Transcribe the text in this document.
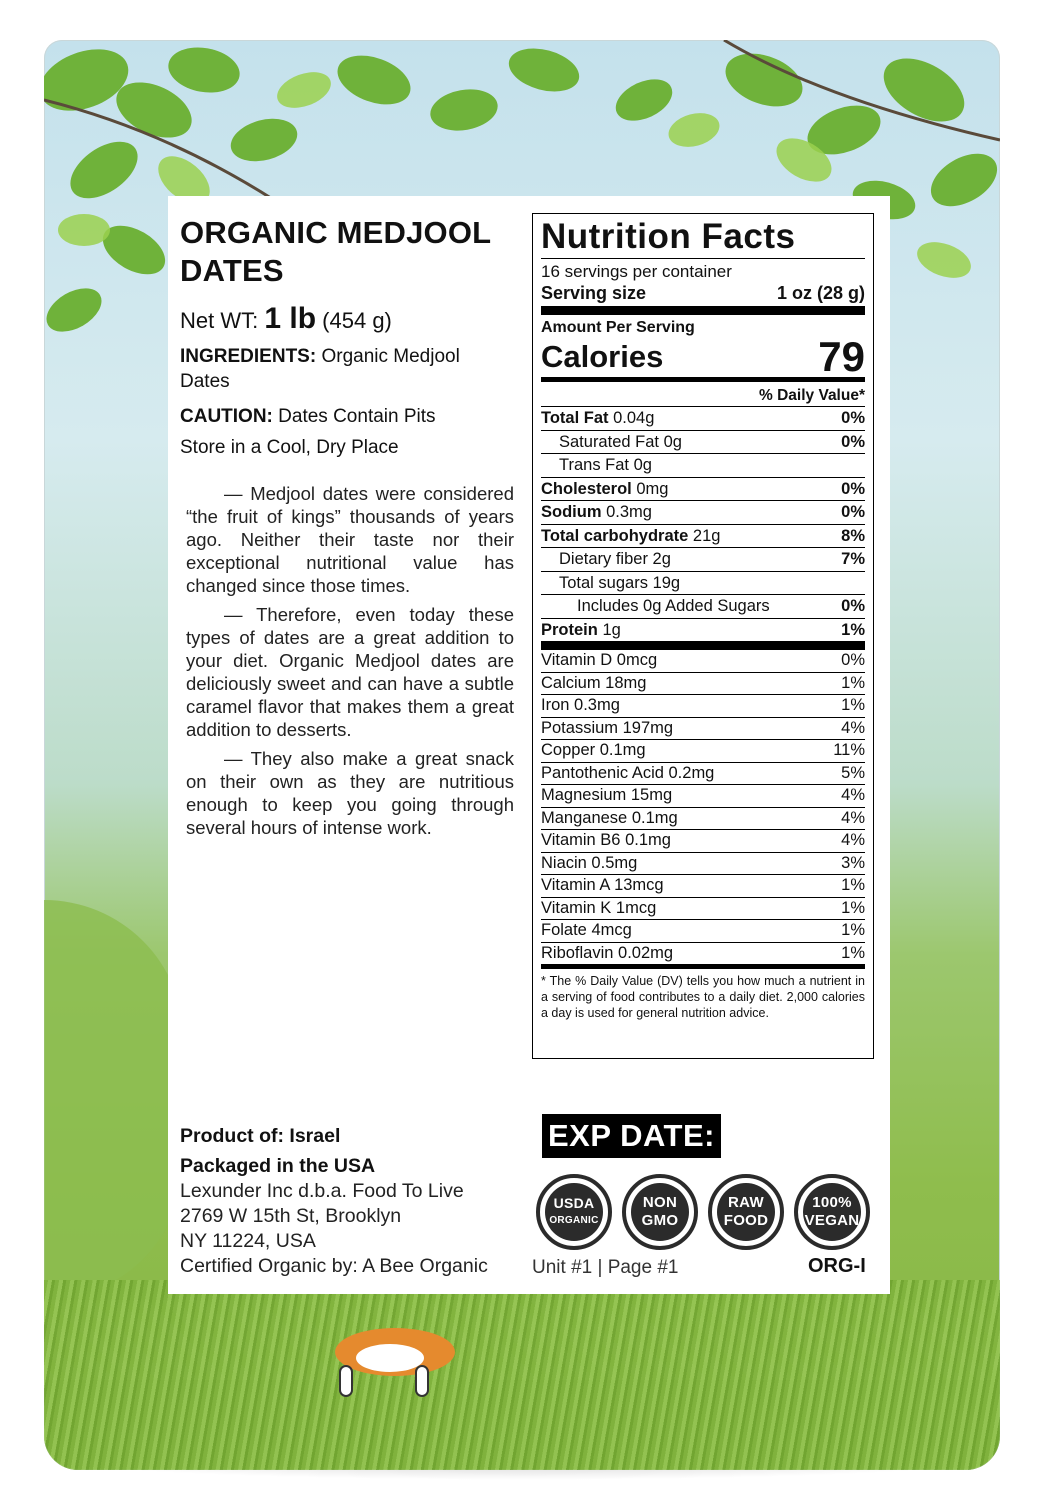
ORGANIC MEDJOOL
DATES
Net WT: 1 lb (454 g)
INGREDIENTS: Organic Medjool Dates
CAUTION: Dates Contain Pits
Store in a Cool, Dry Place

— Medjool dates were considered “the fruit of kings” thousands of years ago. Neither their taste nor their exceptional nutritional value has changed since those times.

— Therefore, even today these types of dates are a great addition to your diet. Organic Medjool dates are deliciously sweet and can have a subtle caramel flavor that makes them a great addition to desserts.

— They also make a great snack on their own as they are nutritious enough to keep you going through several hours of intense work.

Nutrition Facts
16 servings per container
Serving size	1 oz (28 g)
Amount Per Serving
Calories	79
% Daily Value*
Total Fat 0.04g	0%
Saturated Fat 0g	0%
Trans Fat 0g
Cholesterol 0mg	0%
Sodium 0.3mg	0%
Total carbohydrate 21g	8%
Dietary fiber 2g	7%
Total sugars 19g
Includes 0g Added Sugars	0%
Protein 1g	1%
Vitamin D 0mcg	0%
Calcium 18mg	1%
Iron 0.3mg	1%
Potassium 197mg	4%
Copper 0.1mg	11%
Pantothenic Acid 0.2mg	5%
Magnesium 15mg	4%
Manganese 0.1mg	4%
Vitamin B6 0.1mg	4%
Niacin 0.5mg	3%
Vitamin A 13mcg	1%
Vitamin K 1mcg	1%
Folate 4mcg	1%
Riboflavin 0.02mg	1%
* The % Daily Value (DV) tells you how much a nutrient in a serving of food contributes to a daily diet. 2,000 calories a day is used for general nutrition advice.
Product of: Israel
Packaged in the USA
Lexunder Inc d.b.a. Food To Live
2769 W 15th St, Brooklyn
NY 11224, USA
Certified Organic by: A Bee Organic
EXP DATE:
USDA
ORGANIC
NON
GMO
RAW
FOOD
100%
VEGAN
Unit #1 | Page #1	ORG-I
